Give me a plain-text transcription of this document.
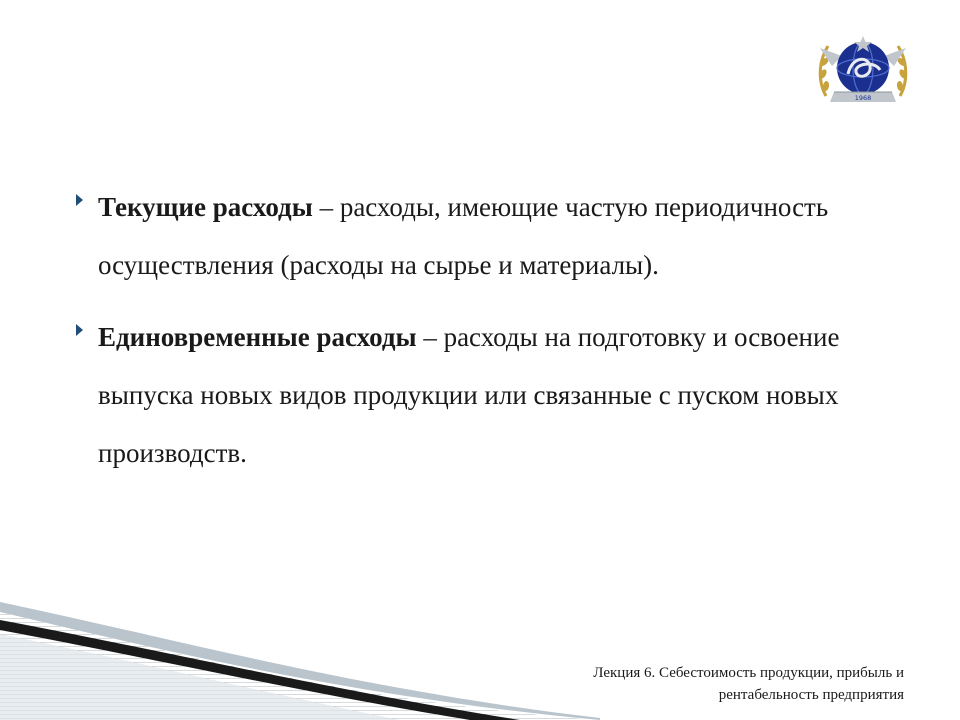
1968
Текущие расходы – расходы, имеющие частую периодичность осуществления (расходы на сырье и материалы).
Единовременные расходы – расходы на подготовку и освоение выпуска новых видов продукции или связанные с пуском новых производств.
Лекция 6. Себестоимость продукции, прибыль и
рентабельность предприятия
